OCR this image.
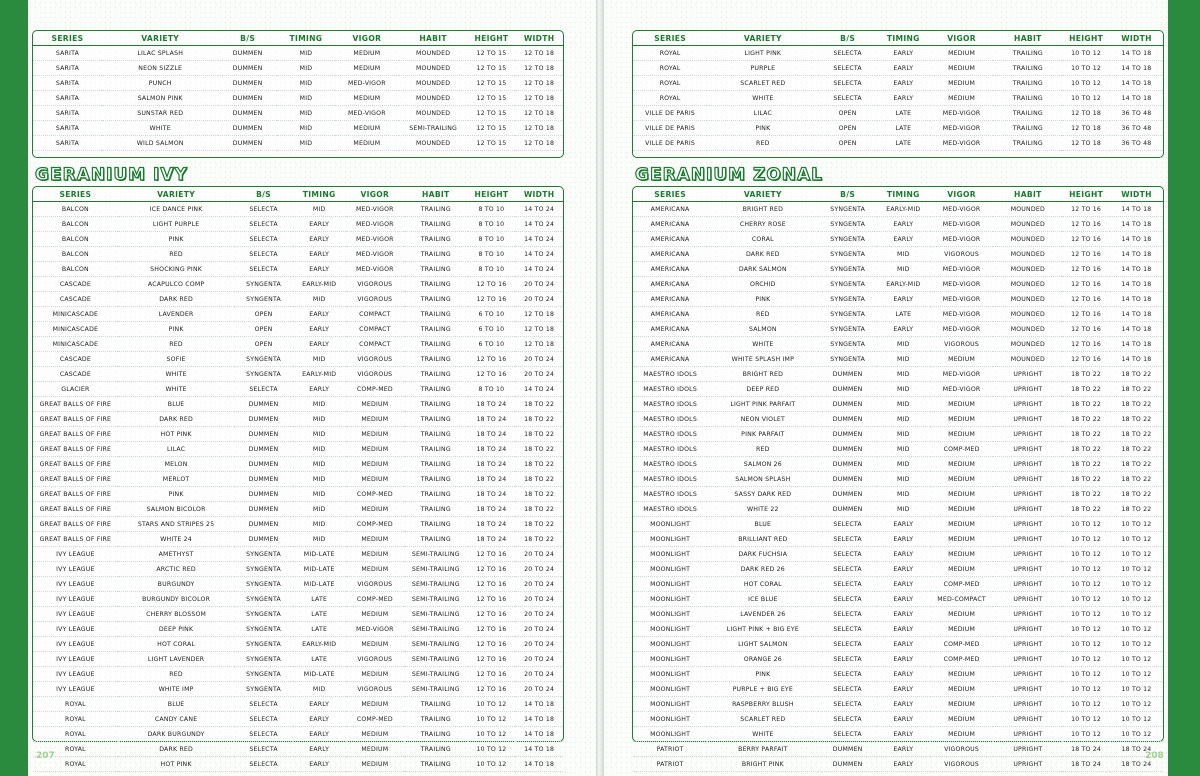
SERIES	VARIETY	B/S	TIMING	VIGOR	HABIT	HEIGHT	WIDTH
SARITA	LILAC SPLASH	DUMMEN	MID	MEDIUM	MOUNDED	12 TO 15	12 TO 18
SARITA	NEON SIZZLE	DUMMEN	MID	MEDIUM	MOUNDED	12 TO 15	12 TO 18
SARITA	PUNCH	DUMMEN	MID	MED-VIGOR	MOUNDED	12 TO 15	12 TO 18
SARITA	SALMON PINK	DUMMEN	MID	MEDIUM	MOUNDED	12 TO 15	12 TO 18
SARITA	SUNSTAR RED	DUMMEN	MID	MED-VIGOR	MOUNDED	12 TO 15	12 TO 18
SARITA	WHITE	DUMMEN	MID	MEDIUM	SEMI-TRAILING	12 TO 15	12 TO 18
SARITA	WILD SALMON	DUMMEN	MID	MEDIUM	MOUNDED	12 TO 15	12 TO 18
GERANIUM IVY
SERIES	VARIETY	B/S	TIMING	VIGOR	HABIT	HEIGHT	WIDTH
BALCON	ICE DANCE PINK	SELECTA	MID	MED-VIGOR	TRAILING	8 TO 10	14 TO 24
BALCON	LIGHT PURPLE	SELECTA	EARLY	MED-VIGOR	TRAILING	8 TO 10	14 TO 24
BALCON	PINK	SELECTA	EARLY	MED-VIGOR	TRAILING	8 TO 10	14 TO 24
BALCON	RED	SELECTA	EARLY	MED-VIGOR	TRAILING	8 TO 10	14 TO 24
BALCON	SHOCKING PINK	SELECTA	EARLY	MED-VIGOR	TRAILING	8 TO 10	14 TO 24
CASCADE	ACAPULCO COMP	SYNGENTA	EARLY-MID	VIGOROUS	TRAILING	12 TO 16	20 TO 24
CASCADE	DARK RED	SYNGENTA	MID	VIGOROUS	TRAILING	12 TO 16	20 TO 24
MINICASCADE	LAVENDER	OPEN	EARLY	COMPACT	TRAILING	6 TO 10	12 TO 18
MINICASCADE	PINK	OPEN	EARLY	COMPACT	TRAILING	6 TO 10	12 TO 18
MINICASCADE	RED	OPEN	EARLY	COMPACT	TRAILING	6 TO 10	12 TO 18
CASCADE	SOFIE	SYNGENTA	MID	VIGOROUS	TRAILING	12 TO 16	20 TO 24
CASCADE	WHITE	SYNGENTA	EARLY-MID	VIGOROUS	TRAILING	12 TO 16	20 TO 24
GLACIER	WHITE	SELECTA	EARLY	COMP-MED	TRAILING	8 TO 10	14 TO 24
GREAT BALLS OF FIRE	BLUE	DUMMEN	MID	MEDIUM	TRAILING	18 TO 24	18 TO 22
GREAT BALLS OF FIRE	DARK RED	DUMMEN	MID	MEDIUM	TRAILING	18 TO 24	18 TO 22
GREAT BALLS OF FIRE	HOT PINK	DUMMEN	MID	MEDIUM	TRAILING	18 TO 24	18 TO 22
GREAT BALLS OF FIRE	LILAC	DUMMEN	MID	MEDIUM	TRAILING	18 TO 24	18 TO 22
GREAT BALLS OF FIRE	MELON	DUMMEN	MID	MEDIUM	TRAILING	18 TO 24	18 TO 22
GREAT BALLS OF FIRE	MERLOT	DUMMEN	MID	MEDIUM	TRAILING	18 TO 24	18 TO 22
GREAT BALLS OF FIRE	PINK	DUMMEN	MID	COMP-MED	TRAILING	18 TO 24	18 TO 22
GREAT BALLS OF FIRE	SALMON BICOLOR	DUMMEN	MID	MEDIUM	TRAILING	18 TO 24	18 TO 22
GREAT BALLS OF FIRE	STARS AND STRIPES 25	DUMMEN	MID	COMP-MED	TRAILING	18 TO 24	18 TO 22
GREAT BALLS OF FIRE	WHITE 24	DUMMEN	MID	MEDIUM	TRAILING	18 TO 24	18 TO 22
IVY LEAGUE	AMETHYST	SYNGENTA	MID-LATE	MEDIUM	SEMI-TRAILING	12 TO 16	20 TO 24
IVY LEAGUE	ARCTIC RED	SYNGENTA	MID-LATE	MEDIUM	SEMI-TRAILING	12 TO 16	20 TO 24
IVY LEAGUE	BURGUNDY	SYNGENTA	MID-LATE	VIGOROUS	SEMI-TRAILING	12 TO 16	20 TO 24
IVY LEAGUE	BURGUNDY BICOLOR	SYNGENTA	LATE	COMP-MED	SEMI-TRAILING	12 TO 16	20 TO 24
IVY LEAGUE	CHERRY BLOSSOM	SYNGENTA	LATE	MEDIUM	SEMI-TRAILING	12 TO 16	20 TO 24
IVY LEAGUE	DEEP PINK	SYNGENTA	LATE	MED-VIGOR	SEMI-TRAILING	12 TO 16	20 TO 24
IVY LEAGUE	HOT CORAL	SYNGENTA	EARLY-MID	MEDIUM	SEMI-TRAILING	12 TO 16	20 TO 24
IVY LEAGUE	LIGHT LAVENDER	SYNGENTA	LATE	VIGOROUS	SEMI-TRAILING	12 TO 16	20 TO 24
IVY LEAGUE	RED	SYNGENTA	MID-LATE	MEDIUM	SEMI-TRAILING	12 TO 16	20 TO 24
IVY LEAGUE	WHITE IMP	SYNGENTA	MID	VIGOROUS	SEMI-TRAILING	12 TO 16	20 TO 24
ROYAL	BLUE	SELECTA	EARLY	MEDIUM	TRAILING	10 TO 12	14 TO 18
ROYAL	CANDY CANE	SELECTA	EARLY	COMP-MED	TRAILING	10 TO 12	14 TO 18
ROYAL	DARK BURGUNDY	SELECTA	EARLY	MEDIUM	TRAILING	10 TO 12	14 TO 18
ROYAL	DARK RED	SELECTA	EARLY	MEDIUM	TRAILING	10 TO 12	14 TO 18
ROYAL	HOT PINK	SELECTA	EARLY	MEDIUM	TRAILING	10 TO 12	14 TO 18
207
SERIES	VARIETY	B/S	TIMING	VIGOR	HABIT	HEIGHT	WIDTH
ROYAL	LIGHT PINK	SELECTA	EARLY	MEDIUM	TRAILING	10 TO 12	14 TO 18
ROYAL	PURPLE	SELECTA	EARLY	MEDIUM	TRAILING	10 TO 12	14 TO 18
ROYAL	SCARLET RED	SELECTA	EARLY	MEDIUM	TRAILING	10 TO 12	14 TO 18
ROYAL	WHITE	SELECTA	EARLY	MEDIUM	TRAILING	10 TO 12	14 TO 18
VILLE DE PARIS	LILAC	OPEN	LATE	MED-VIGOR	TRAILING	12 TO 18	36 TO 48
VILLE DE PARIS	PINK	OPEN	LATE	MED-VIGOR	TRAILING	12 TO 18	36 TO 48
VILLE DE PARIS	RED	OPEN	LATE	MED-VIGOR	TRAILING	12 TO 18	36 TO 48
GERANIUM ZONAL
SERIES	VARIETY	B/S	TIMING	VIGOR	HABIT	HEIGHT	WIDTH
AMERICANA	BRIGHT RED	SYNGENTA	EARLY-MID	MED-VIGOR	MOUNDED	12 TO 16	14 TO 18
AMERICANA	CHERRY ROSE	SYNGENTA	EARLY	MED-VIGOR	MOUNDED	12 TO 16	14 TO 18
AMERICANA	CORAL	SYNGENTA	EARLY	MED-VIGOR	MOUNDED	12 TO 16	14 TO 18
AMERICANA	DARK RED	SYNGENTA	MID	VIGOROUS	MOUNDED	12 TO 16	14 TO 18
AMERICANA	DARK SALMON	SYNGENTA	MID	MED-VIGOR	MOUNDED	12 TO 16	14 TO 18
AMERICANA	ORCHID	SYNGENTA	EARLY-MID	MED-VIGOR	MOUNDED	12 TO 16	14 TO 18
AMERICANA	PINK	SYNGENTA	EARLY	MED-VIGOR	MOUNDED	12 TO 16	14 TO 18
AMERICANA	RED	SYNGENTA	LATE	MED-VIGOR	MOUNDED	12 TO 16	14 TO 18
AMERICANA	SALMON	SYNGENTA	EARLY	MED-VIGOR	MOUNDED	12 TO 16	14 TO 18
AMERICANA	WHITE	SYNGENTA	MID	VIGOROUS	MOUNDED	12 TO 16	14 TO 18
AMERICANA	WHITE SPLASH IMP	SYNGENTA	MID	MEDIUM	MOUNDED	12 TO 16	14 TO 18
MAESTRO IDOLS	BRIGHT RED	DUMMEN	MID	MED-VIGOR	UPRIGHT	18 TO 22	18 TO 22
MAESTRO IDOLS	DEEP RED	DUMMEN	MID	MED-VIGOR	UPRIGHT	18 TO 22	18 TO 22
MAESTRO IDOLS	LIGHT PINK PARFAIT	DUMMEN	MID	MEDIUM	UPRIGHT	18 TO 22	18 TO 22
MAESTRO IDOLS	NEON VIOLET	DUMMEN	MID	MEDIUM	UPRIGHT	18 TO 22	18 TO 22
MAESTRO IDOLS	PINK PARFAIT	DUMMEN	MID	MEDIUM	UPRIGHT	18 TO 22	18 TO 22
MAESTRO IDOLS	RED	DUMMEN	MID	COMP-MED	UPRIGHT	18 TO 22	18 TO 22
MAESTRO IDOLS	SALMON 26	DUMMEN	MID	MEDIUM	UPRIGHT	18 TO 22	18 TO 22
MAESTRO IDOLS	SALMON SPLASH	DUMMEN	MID	MEDIUM	UPRIGHT	18 TO 22	18 TO 22
MAESTRO IDOLS	SASSY DARK RED	DUMMEN	MID	MEDIUM	UPRIGHT	18 TO 22	18 TO 22
MAESTRO IDOLS	WHITE 22	DUMMEN	MID	MEDIUM	UPRIGHT	18 TO 22	18 TO 22
MOONLIGHT	BLUE	SELECTA	EARLY	MEDIUM	UPRIGHT	10 TO 12	10 TO 12
MOONLIGHT	BRILLIANT RED	SELECTA	EARLY	MEDIUM	UPRIGHT	10 TO 12	10 TO 12
MOONLIGHT	DARK FUCHSIA	SELECTA	EARLY	MEDIUM	UPRIGHT	10 TO 12	10 TO 12
MOONLIGHT	DARK RED 26	SELECTA	EARLY	MEDIUM	UPRIGHT	10 TO 12	10 TO 12
MOONLIGHT	HOT CORAL	SELECTA	EARLY	COMP-MED	UPRIGHT	10 TO 12	10 TO 12
MOONLIGHT	ICE BLUE	SELECTA	EARLY	MED-COMPACT	UPRIGHT	10 TO 12	10 TO 12
MOONLIGHT	LAVENDER 26	SELECTA	EARLY	MEDIUM	UPRIGHT	10 TO 12	10 TO 12
MOONLIGHT	LIGHT PINK + BIG EYE	SELECTA	EARLY	MEDIUM	UPRIGHT	10 TO 12	10 TO 12
MOONLIGHT	LIGHT SALMON	SELECTA	EARLY	COMP-MED	UPRIGHT	10 TO 12	10 TO 12
MOONLIGHT	ORANGE 26	SELECTA	EARLY	COMP-MED	UPRIGHT	10 TO 12	10 TO 12
MOONLIGHT	PINK	SELECTA	EARLY	MEDIUM	UPRIGHT	10 TO 12	10 TO 12
MOONLIGHT	PURPLE + BIG EYE	SELECTA	EARLY	MEDIUM	UPRIGHT	10 TO 12	10 TO 12
MOONLIGHT	RASPBERRY BLUSH	SELECTA	EARLY	MEDIUM	UPRIGHT	10 TO 12	10 TO 12
MOONLIGHT	SCARLET RED	SELECTA	EARLY	MEDIUM	UPRIGHT	10 TO 12	10 TO 12
MOONLIGHT	WHITE	SELECTA	EARLY	MEDIUM	UPRIGHT	10 TO 12	10 TO 12
PATRIOT	BERRY PARFAIT	DUMMEN	EARLY	VIGOROUS	UPRIGHT	18 TO 24	18 TO 24
PATRIOT	BRIGHT PINK	DUMMEN	EARLY	VIGOROUS	UPRIGHT	18 TO 24	18 TO 24
208
